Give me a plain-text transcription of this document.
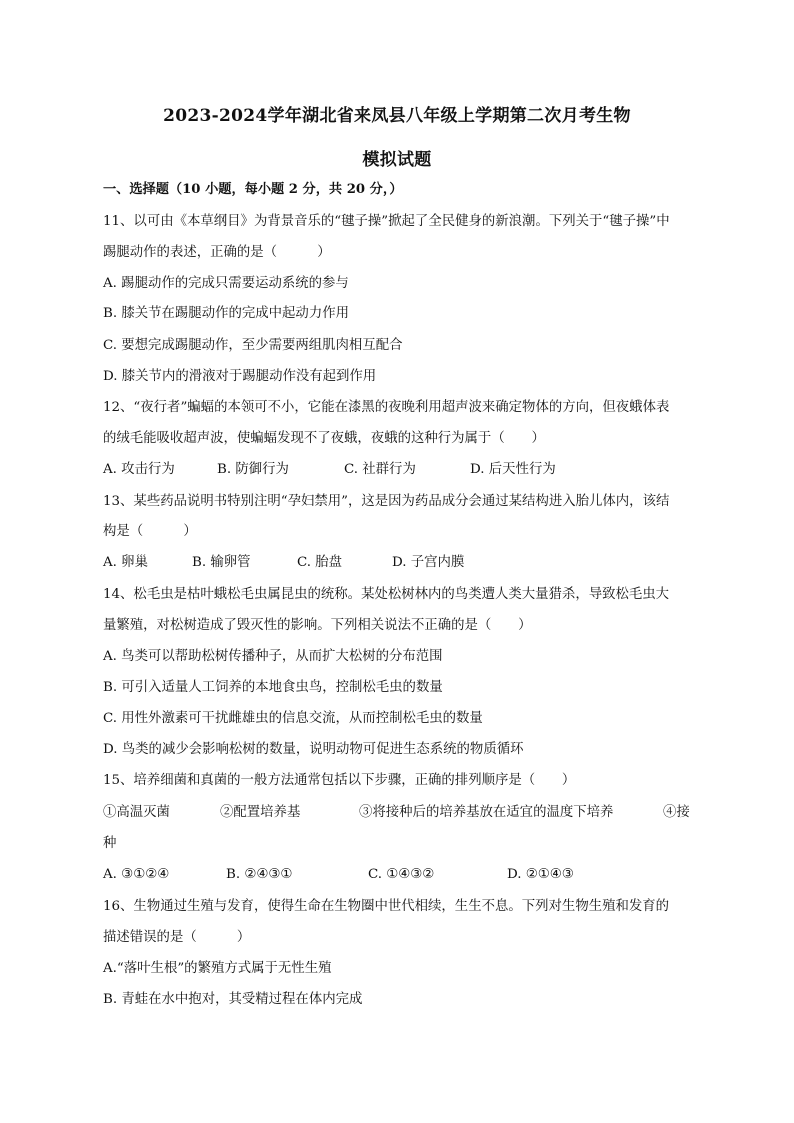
2023-2024学年湖北省来凤县八年级上学期第二次月考生物
模拟试题
一、选择题（10 小题，每小题 2 分，共 20 分，）
11、以可由《本草纲目》为背景音乐的“毽子操”掀起了全民健身的新浪潮。下列关于“毽子操”中
踢腿动作的表述，正确的是（　　　）
A. 踢腿动作的完成只需要运动系统的参与
B. 膝关节在踢腿动作的完成中起动力作用
C. 要想完成踢腿动作，至少需要两组肌肉相互配合
D. 膝关节内的滑液对于踢腿动作没有起到作用
12、“夜行者”蝙蝠的本领可不小，它能在漆黑的夜晚利用超声波来确定物体的方向，但夜蛾体表
的绒毛能吸收超声波，使蝙蝠发现不了夜蛾，夜蛾的这种行为属于（　　）
A. 攻击行为	B. 防御行为	C. 社群行为	D. 后天性行为
13、某些药品说明书特别注明“孕妇禁用”，这是因为药品成分会通过某结构进入胎儿体内，该结
构是（　　　）
A. 卵巢	B. 输卵管	C. 胎盘	D. 子宫内膜
14、松毛虫是枯叶蛾松毛虫属昆虫的统称。某处松树林内的鸟类遭人类大量猎杀，导致松毛虫大
量繁殖，对松树造成了毁灭性的影响。下列相关说法不正确的是（　　）
A. 鸟类可以帮助松树传播种子，从而扩大松树的分布范围
B. 可引入适量人工饲养的本地食虫鸟，控制松毛虫的数量
C. 用性外激素可干扰雌雄虫的信息交流，从而控制松毛虫的数量
D. 鸟类的减少会影响松树的数量，说明动物可促进生态系统的物质循环
15、培养细菌和真菌的一般方法通常包括以下步骤，正确的排列顺序是（　　）
①高温灭菌	②配置培养基	③将接种后的培养基放在适宜的温度下培养	④接
种
A. ③①②④	B. ②④③①	C. ①④③②	D. ②①④③
16、生物通过生殖与发育，使得生命在生物圈中世代相续，生生不息。下列对生物生殖和发育的
描述错误的是（　　　）
A.“落叶生根”的繁殖方式属于无性生殖
B. 青蛙在水中抱对，其受精过程在体内完成
